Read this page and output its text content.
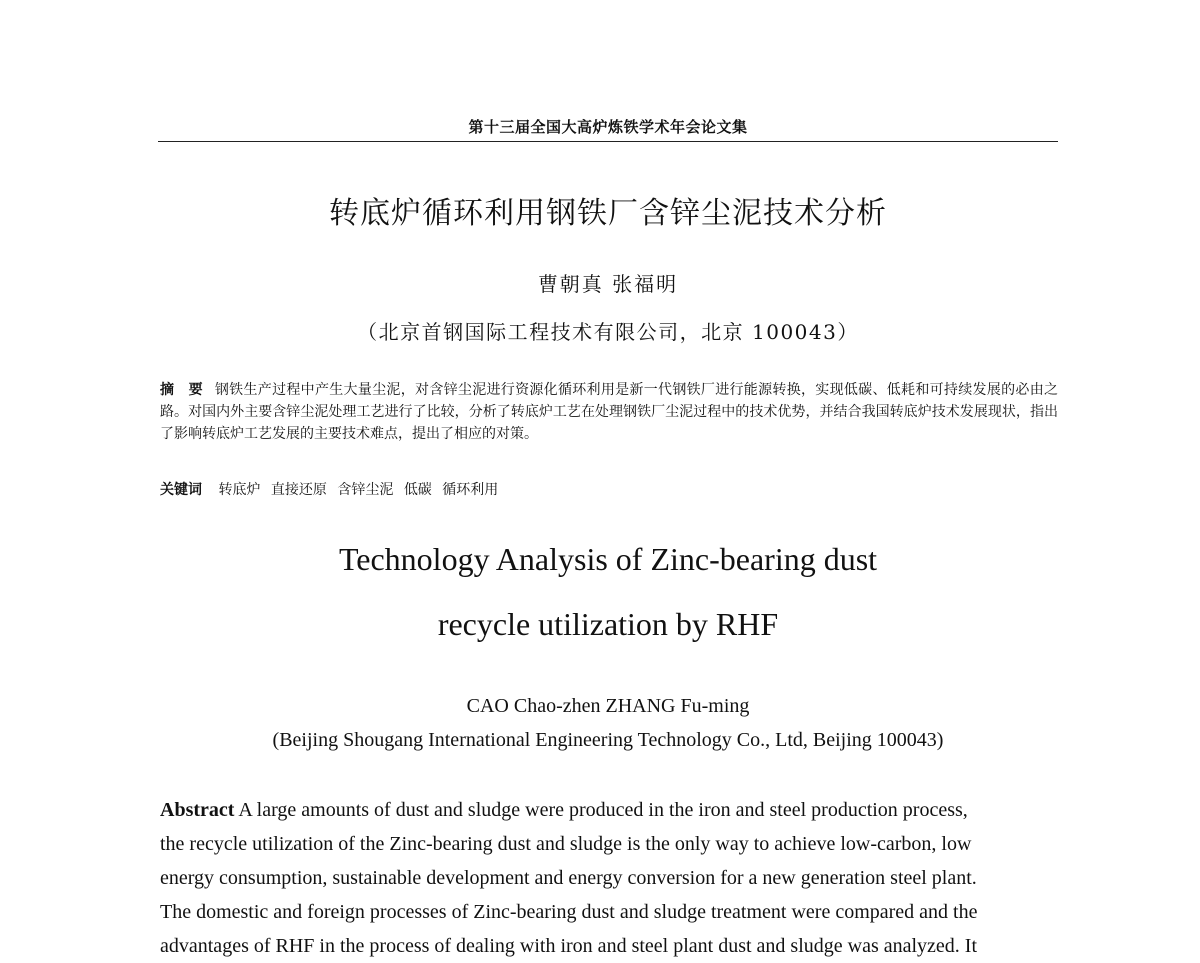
第十三届全国大高炉炼铁学术年会论文集
转底炉循环利用钢铁厂含锌尘泥技术分析
曹朝真 张福明
（北京首钢国际工程技术有限公司，北京 100043）
摘　要 钢铁生产过程中产生大量尘泥，对含锌尘泥进行资源化循环利用是新一代钢铁厂进行能源转换，实现低碳、低耗和可持续发展的必由之路。对国内外主要含锌尘泥处理工艺进行了比较，分析了转底炉工艺在处理钢铁厂尘泥过程中的技术优势，并结合我国转底炉技术发展现状，指出了影响转底炉工艺发展的主要技术难点，提出了相应的对策。
关键词 转底炉 直接还原 含锌尘泥 低碳 循环利用
Technology Analysis of Zinc-bearing dust
recycle utilization by RHF
CAO Chao-zhen ZHANG Fu-ming
(Beijing Shougang International Engineering Technology Co., Ltd, Beijing 100043)
Abstract A large amounts of dust and sludge were produced in the iron and steel production process,
the recycle utilization of the Zinc-bearing dust and sludge is the only way to achieve low-carbon, low
energy consumption, sustainable development and energy conversion for a new generation steel plant.
The domestic and foreign processes of Zinc-bearing dust and sludge treatment were compared and the
advantages of RHF in the process of dealing with iron and steel plant dust and sludge was analyzed. It
